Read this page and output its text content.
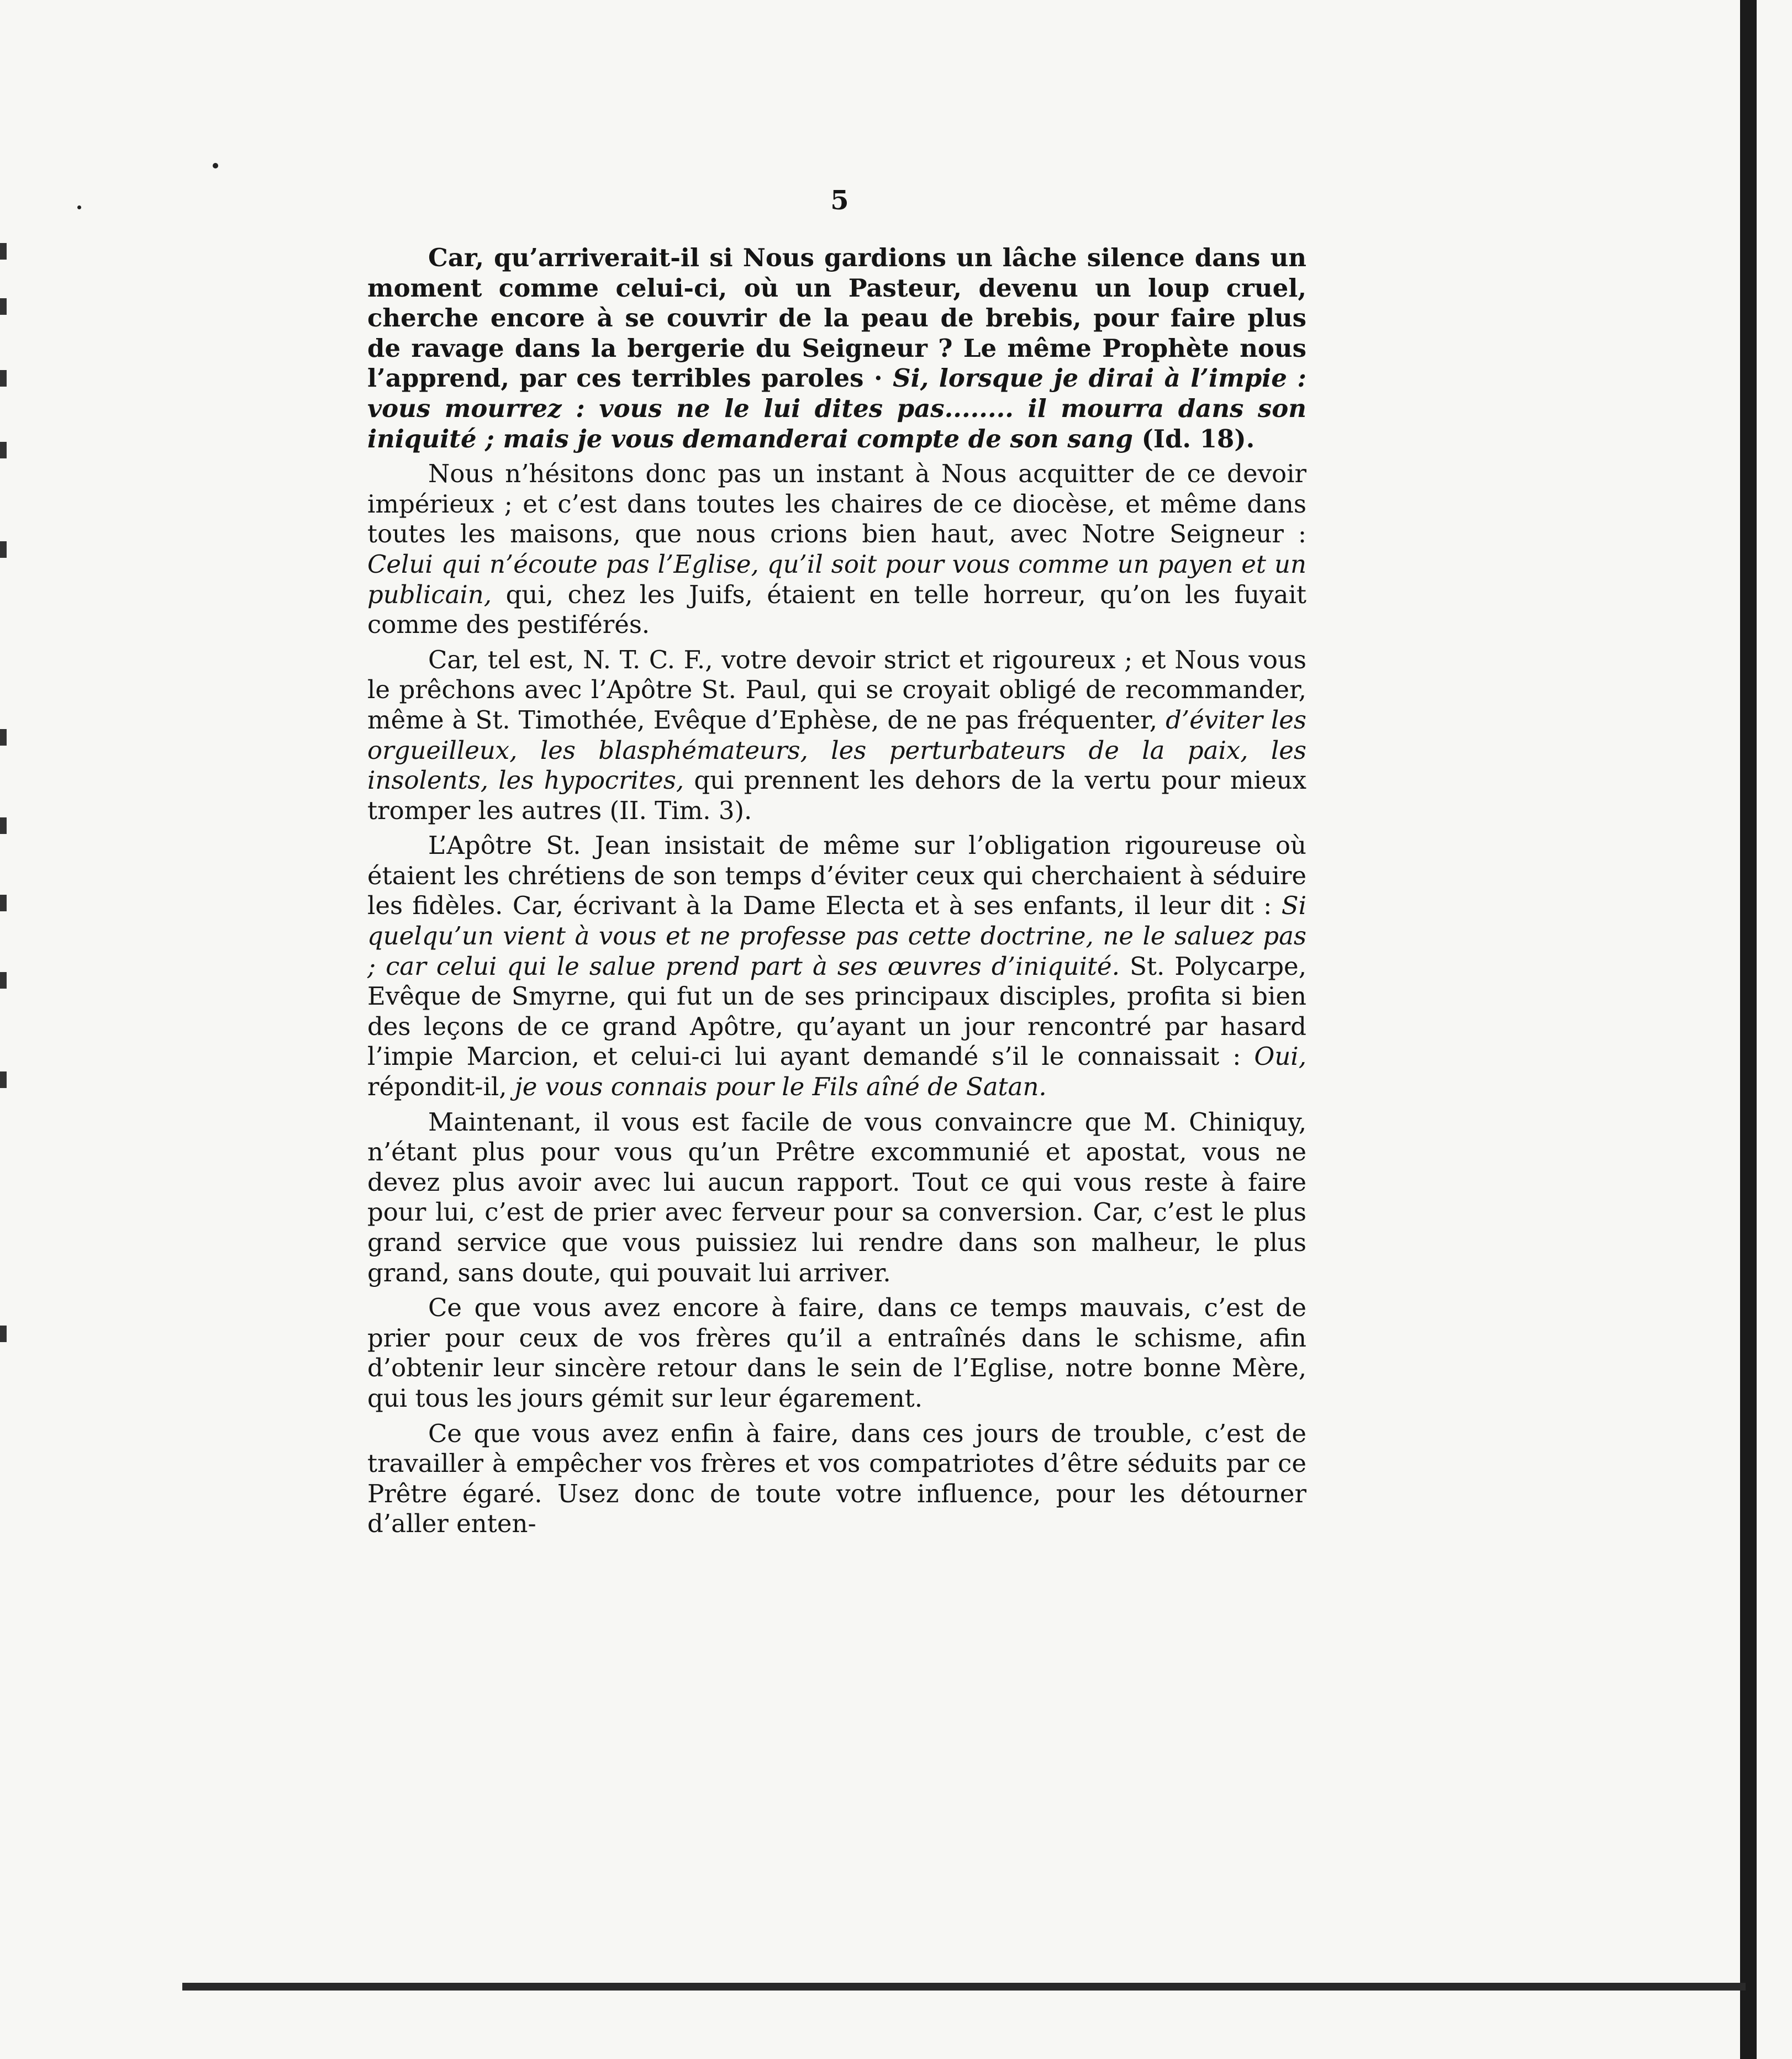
5

Car, qu’arriverait-il si Nous gardions un lâche silence dans un moment comme celui-ci, où un Pasteur, devenu un loup cruel, cherche encore à se couvrir de la peau de brebis, pour faire plus de ravage dans la bergerie du Seigneur ? Le même Prophète nous l’apprend, par ces terribles paroles · Si, lorsque je dirai à l’impie : vous mourrez : vous ne le lui dites pas........ il mourra dans son iniquité ; mais je vous demanderai compte de son sang (Id. 18).

Nous n’hésitons donc pas un instant à Nous acquitter de ce devoir impérieux ; et c’est dans toutes les chaires de ce diocèse, et même dans toutes les maisons, que nous crions bien haut, avec Notre Seigneur : Celui qui n’écoute pas l’Eglise, qu’il soit pour vous comme un payen et un publicain, qui, chez les Juifs, étaient en telle horreur, qu’on les fuyait comme des pestiférés.

Car, tel est, N. T. C. F., votre devoir strict et rigoureux ; et Nous vous le prêchons avec l’Apôtre St. Paul, qui se croyait obligé de recommander, même à St. Timothée, Evêque d’Ephèse, de ne pas fréquenter, d’éviter les orgueilleux, les blasphémateurs, les perturbateurs de la paix, les insolents, les hypocrites, qui prennent les dehors de la vertu pour mieux tromper les autres (II. Tim. 3).

L’Apôtre St. Jean insistait de même sur l’obligation rigoureuse où étaient les chrétiens de son temps d’éviter ceux qui cherchaient à séduire les fidèles. Car, écrivant à la Dame Electa et à ses enfants, il leur dit : Si quelqu’un vient à vous et ne professe pas cette doctrine, ne le saluez pas ; car celui qui le salue prend part à ses œuvres d’iniquité. St. Polycarpe, Evêque de Smyrne, qui fut un de ses principaux disciples, profita si bien des leçons de ce grand Apôtre, qu’ayant un jour rencontré par hasard l’impie Marcion, et celui-ci lui ayant demandé s’il le connaissait : Oui, répondit-il, je vous connais pour le Fils aîné de Satan.

Maintenant, il vous est facile de vous convaincre que M. Chiniquy, n’étant plus pour vous qu’un Prêtre excommunié et apostat, vous ne devez plus avoir avec lui aucun rapport. Tout ce qui vous reste à faire pour lui, c’est de prier avec ferveur pour sa conversion. Car, c’est le plus grand service que vous puissiez lui rendre dans son malheur, le plus grand, sans doute, qui pouvait lui arriver.

Ce que vous avez encore à faire, dans ce temps mauvais, c’est de prier pour ceux de vos frères qu’il a entraînés dans le schisme, afin d’obtenir leur sincère retour dans le sein de l’Eglise, notre bonne Mère, qui tous les jours gémit sur leur égarement.

Ce que vous avez enfin à faire, dans ces jours de trouble, c’est de travailler à empêcher vos frères et vos compatriotes d’être séduits par ce Prêtre égaré. Usez donc de toute votre influence, pour les détourner d’aller enten-
